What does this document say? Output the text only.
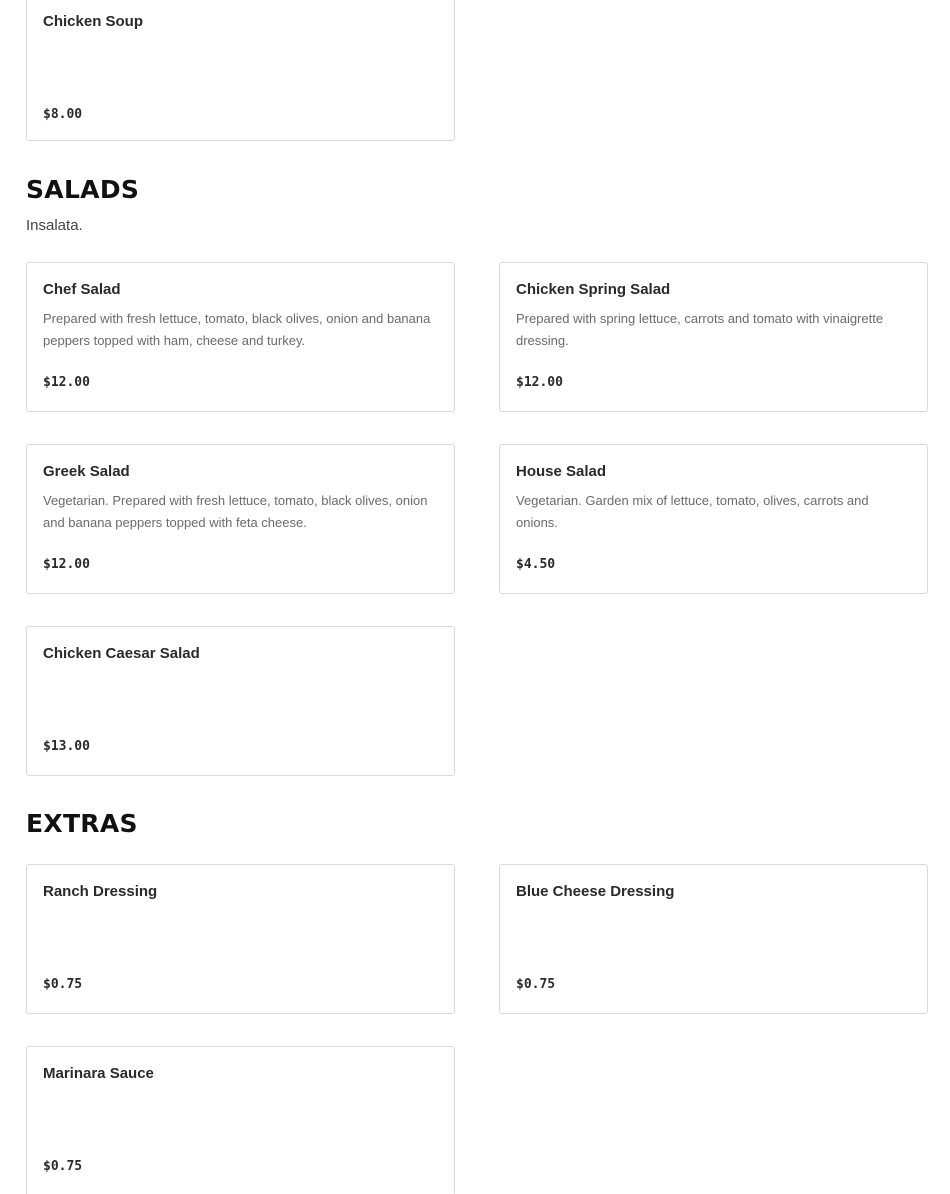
Chicken Soup
$8.00
SALADS
Insalata.
Chef Salad
Prepared with fresh lettuce, tomato, black olives, onion and banana peppers topped with ham, cheese and turkey.
$12.00
Chicken Spring Salad
Prepared with spring lettuce, carrots and tomato with vinaigrette dressing.
$12.00
Greek Salad
Vegetarian. Prepared with fresh lettuce, tomato, black olives, onion and banana peppers topped with feta cheese.
$12.00
House Salad
Vegetarian. Garden mix of lettuce, tomato, olives, carrots and onions.
$4.50
Chicken Caesar Salad
$13.00
EXTRAS
Ranch Dressing
$0.75
Blue Cheese Dressing
$0.75
Marinara Sauce
$0.75
